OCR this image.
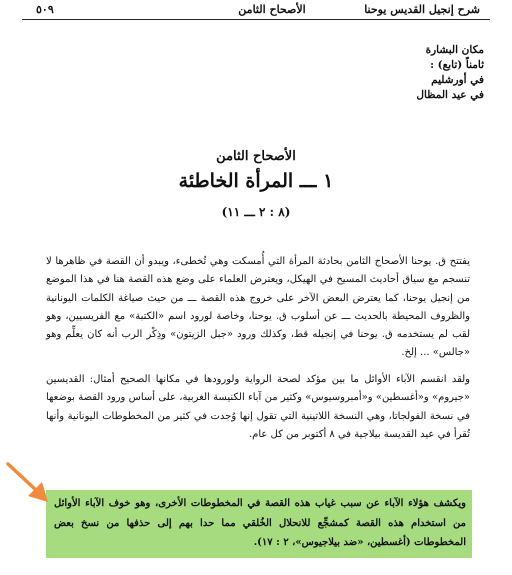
شرح إنجيل القديس يوحنا
الأصحاح الثامن
٥٠٩
مكان البشارة
ثامناً (تابع) :
في أورشليم
في عيد المظال
الأصحاح الثامن
١ ـــ المرأة الخاطئة
(٨ : ٢ ـــ ١١)

يفتتح ق. يوحنا الأصحاح الثامن بحادثة المرأة التي أُمسكت وهي تُخطىء، ويبدو أن القصة في ظاهرها لا تنسجم مع سياق أحاديث المسيح في الهيكل، ويعترض العلماء على وضع هذه القصة هنا في هذا الموضع من إنجيل يوحنا، كما يعترض البعض الآخر على خروج هذه القصة ـــ من حيث صياغة الكلمات اليونانية والظروف المحيطة بالحديث ـــ عن أسلوب ق. يوحنا، وخاصة لورود اسم «الكتبة» مع الفريسيين، وهو لقب لم يستخدمه ق. يوحنا في إنجيله قط، وكذلك ورود «جبل الزيتون» وذِكْر الرب أنه كان يعلِّم وهو «جالس» ... إلخ.

ولقد انقسم الآباء الأوائل ما بين مؤكد لصحة الرواية ولورودها في مكانها الصحيح أمثال: القديسين «جيروم» و«أغسطين» و«أمبروسيوس» وكثير من آباء الكنيسة الغربية، على أساس ورود القصة بوضعها في نسخة الفولجاتا، وهي النسخة اللاتينية التي تقول إنها وُجدت في كثير من المخطوطات اليونانية وأنها تُقرأ في عيد القديسة بيلاجية في ٨ أكتوبر من كل عام.

ويكشف هؤلاء الآباء عن سبب غياب هذه القصة في المخطوطات الأخرى، وهو خوف الآباء الأوائل من استخدام هذه القصة كمشجِّع للانحلال الخُلقي مما حدا بهم إلى حذفها من نسخ بعض المخطوطات (أغسطين، «ضد بيلاجيوس»، ٢ : ١٧).
